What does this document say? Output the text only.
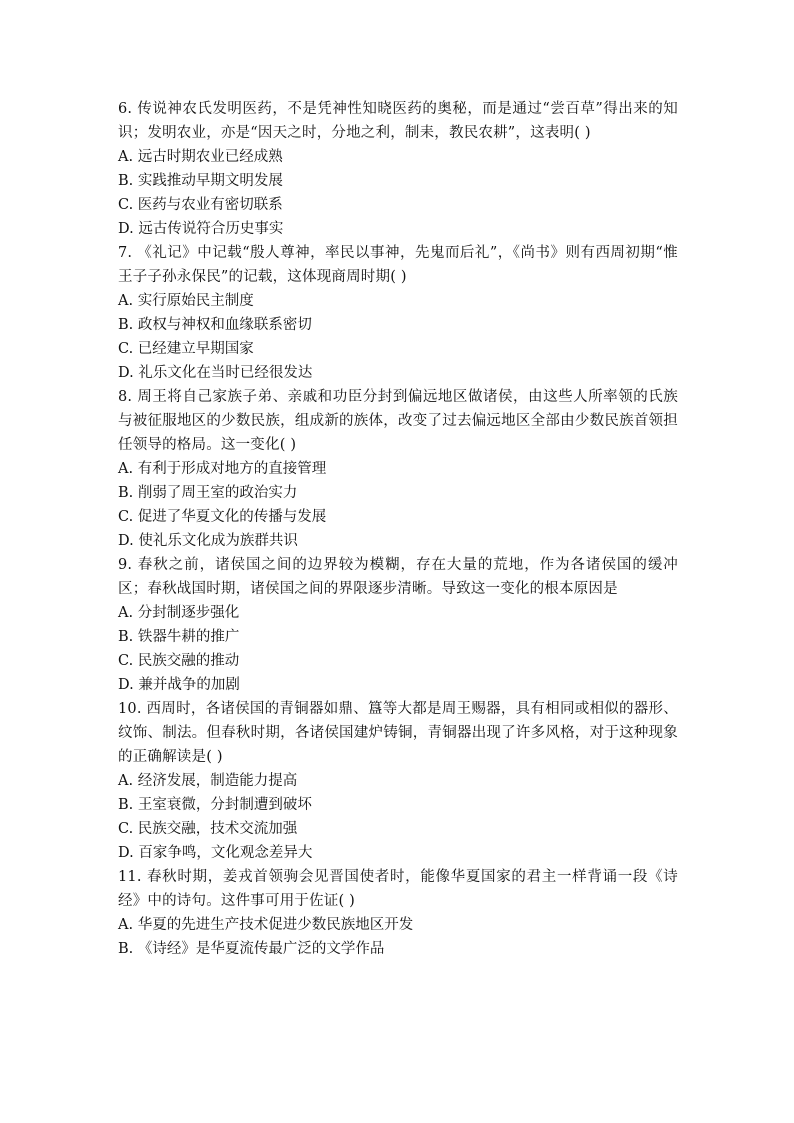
6. 传说神农氏发明医药，不是凭神性知晓医药的奥秘，而是通过“尝百草”得出来的知识；发明农业，亦是“因天之时，分地之利，制耒，教民农耕”，这表明( )

A. 远古时期农业已经成熟
B. 实践推动早期文明发展
C. 医药与农业有密切联系
D. 远古传说符合历史事实

7. 《礼记》中记载“殷人尊神，率民以事神，先鬼而后礼”，《尚书》则有西周初期“惟王子子孙永保民”的记载，这体现商周时期( )

A. 实行原始民主制度
B. 政权与神权和血缘联系密切
C. 已经建立早期国家
D. 礼乐文化在当时已经很发达

8. 周王将自己家族子弟、亲戚和功臣分封到偏远地区做诸侯，由这些人所率领的氏族与被征服地区的少数民族，组成新的族体，改变了过去偏远地区全部由少数民族首领担任领导的格局。这一变化( )

A. 有利于形成对地方的直接管理
B. 削弱了周王室的政治实力
C. 促进了华夏文化的传播与发展
D. 使礼乐文化成为族群共识

9. 春秋之前，诸侯国之间的边界较为模糊，存在大量的荒地，作为各诸侯国的缓冲区；春秋战国时期，诸侯国之间的界限逐步清晰。导致这一变化的根本原因是

A. 分封制逐步强化
B. 铁器牛耕的推广
C. 民族交融的推动
D. 兼并战争的加剧

10. 西周时，各诸侯国的青铜器如鼎、簋等大都是周王赐器，具有相同或相似的器形、纹饰、制法。但春秋时期，各诸侯国建炉铸铜，青铜器出现了许多风格，对于这种现象的正确解读是( )

A. 经济发展，制造能力提高
B. 王室衰微，分封制遭到破坏
C. 民族交融，技术交流加强
D. 百家争鸣，文化观念差异大

11. 春秋时期，姜戎首领驹会见晋国使者时，能像华夏国家的君主一样背诵一段《诗经》中的诗句。这件事可用于佐证( )

A. 华夏的先进生产技术促进少数民族地区开发
B. 《诗经》是华夏流传最广泛的文学作品
